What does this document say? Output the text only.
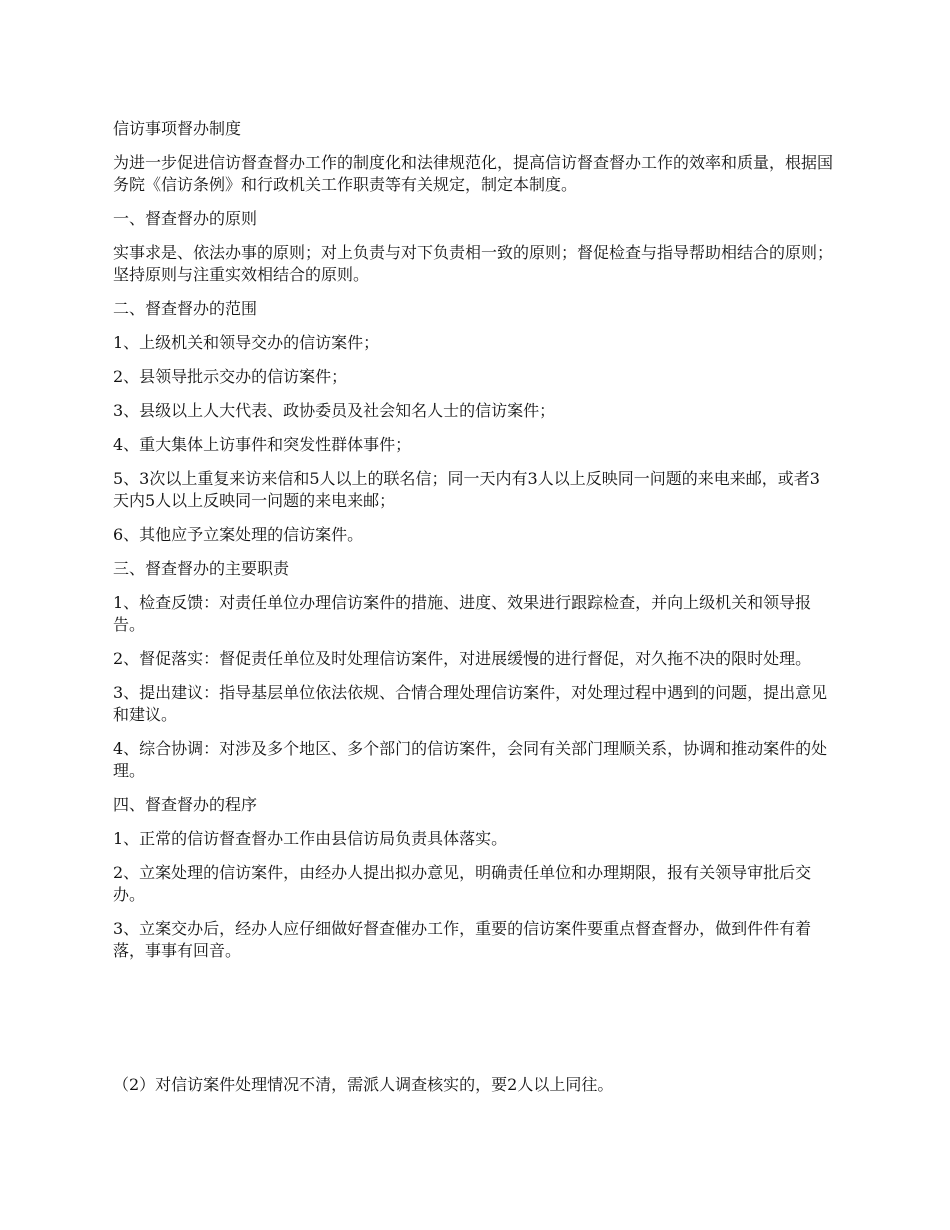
信访事项督办制度

为进一步促进信访督查督办工作的制度化和法律规范化，提高信访督查督办工作的效率和质量，根据国务院《信访条例》和行政机关工作职责等有关规定，制定本制度。

一、督查督办的原则

实事求是、依法办事的原则；对上负责与对下负责相一致的原则；督促检查与指导帮助相结合的原则；坚持原则与注重实效相结合的原则。

二、督查督办的范围

1、上级机关和领导交办的信访案件；

2、县领导批示交办的信访案件；

3、县级以上人大代表、政协委员及社会知名人士的信访案件；

4、重大集体上访事件和突发性群体事件；

5、3次以上重复来访来信和5人以上的联名信；同一天内有3人以上反映同一问题的来电来邮，或者3天内5人以上反映同一问题的来电来邮；

6、其他应予立案处理的信访案件。

三、督查督办的主要职责

1、检查反馈：对责任单位办理信访案件的措施、进度、效果进行跟踪检查，并向上级机关和领导报告。

2、督促落实：督促责任单位及时处理信访案件，对进展缓慢的进行督促，对久拖不决的限时处理。

3、提出建议：指导基层单位依法依规、合情合理处理信访案件，对处理过程中遇到的问题，提出意见和建议。

4、综合协调：对涉及多个地区、多个部门的信访案件，会同有关部门理顺关系，协调和推动案件的处理。

四、督查督办的程序

1、正常的信访督查督办工作由县信访局负责具体落实。

2、立案处理的信访案件，由经办人提出拟办意见，明确责任单位和办理期限，报有关领导审批后交办。

3、立案交办后，经办人应仔细做好督查催办工作，重要的信访案件要重点督查督办，做到件件有着落，事事有回音。

（2）对信访案件处理情况不清，需派人调查核实的，要2人以上同往。
